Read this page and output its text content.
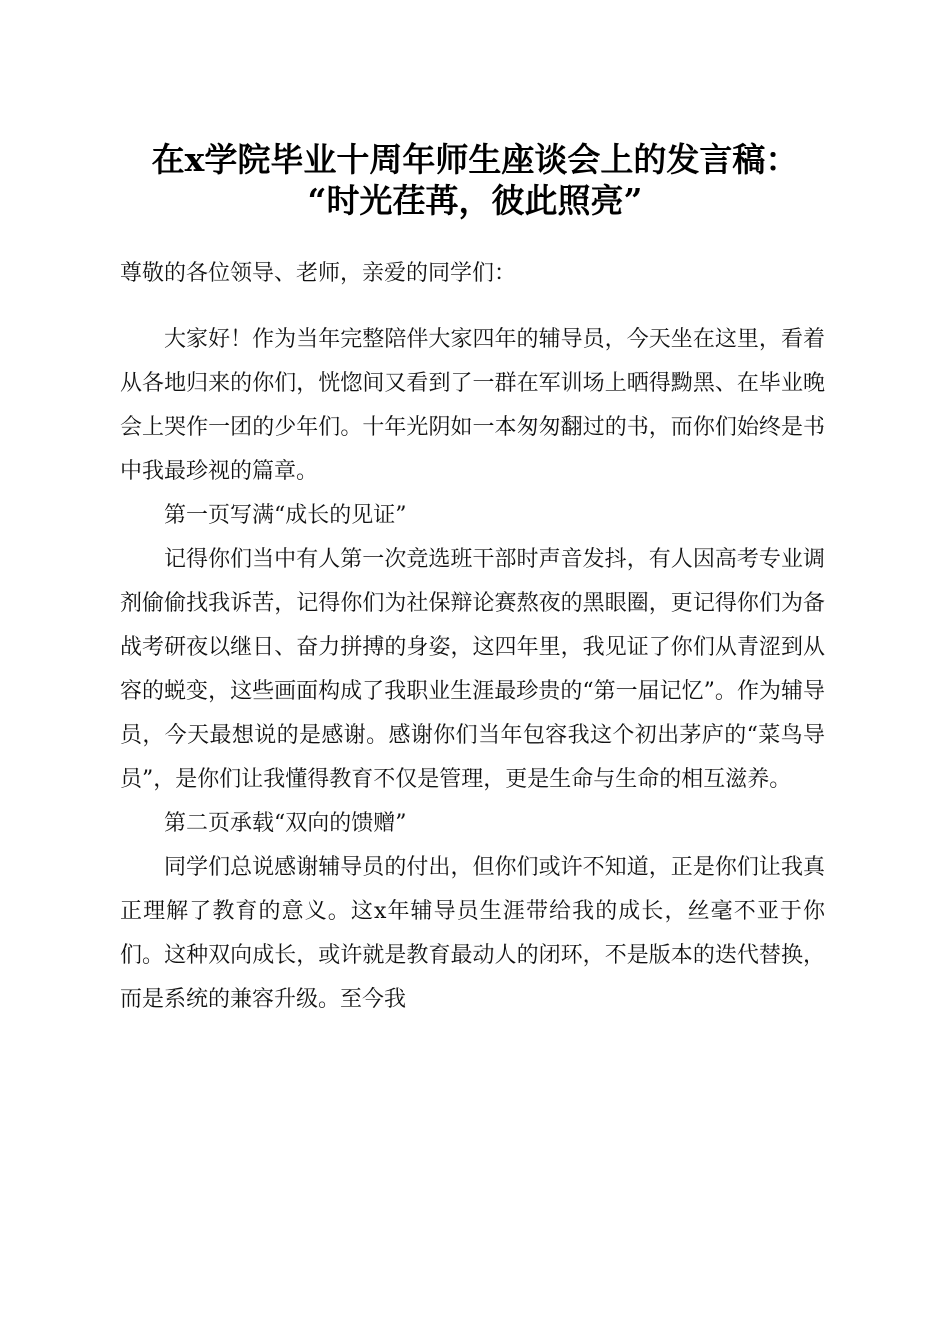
在x学院毕业十周年师生座谈会上的发言稿：
“时光荏苒，彼此照亮”
尊敬的各位领导、老师，亲爱的同学们：

大家好！作为当年完整陪伴大家四年的辅导员，今天坐在这里，看着从各地归来的你们，恍惚间又看到了一群在军训场上晒得黝黑、在毕业晚会上哭作一团的少年们。十年光阴如一本匆匆翻过的书，而你们始终是书中我最珍视的篇章。

第一页写满“成长的见证”

记得你们当中有人第一次竞选班干部时声音发抖，有人因高考专业调剂偷偷找我诉苦，记得你们为社保辩论赛熬夜的黑眼圈，更记得你们为备战考研夜以继日、奋力拼搏的身姿，这四年里，我见证了你们从青涩到从容的蜕变，这些画面构成了我职业生涯最珍贵的“第一届记忆”。作为辅导员，今天最想说的是感谢。感谢你们当年包容我这个初出茅庐的“菜鸟导员”，是你们让我懂得教育不仅是管理，更是生命与生命的相互滋养。

第二页承载“双向的馈赠”

同学们总说感谢辅导员的付出，但你们或许不知道，正是你们让我真正理解了教育的意义。这x年辅导员生涯带给我的成长，丝毫不亚于你们。这种双向成长，或许就是教育最动人的闭环，不是版本的迭代替换，而是系统的兼容升级。至今我
